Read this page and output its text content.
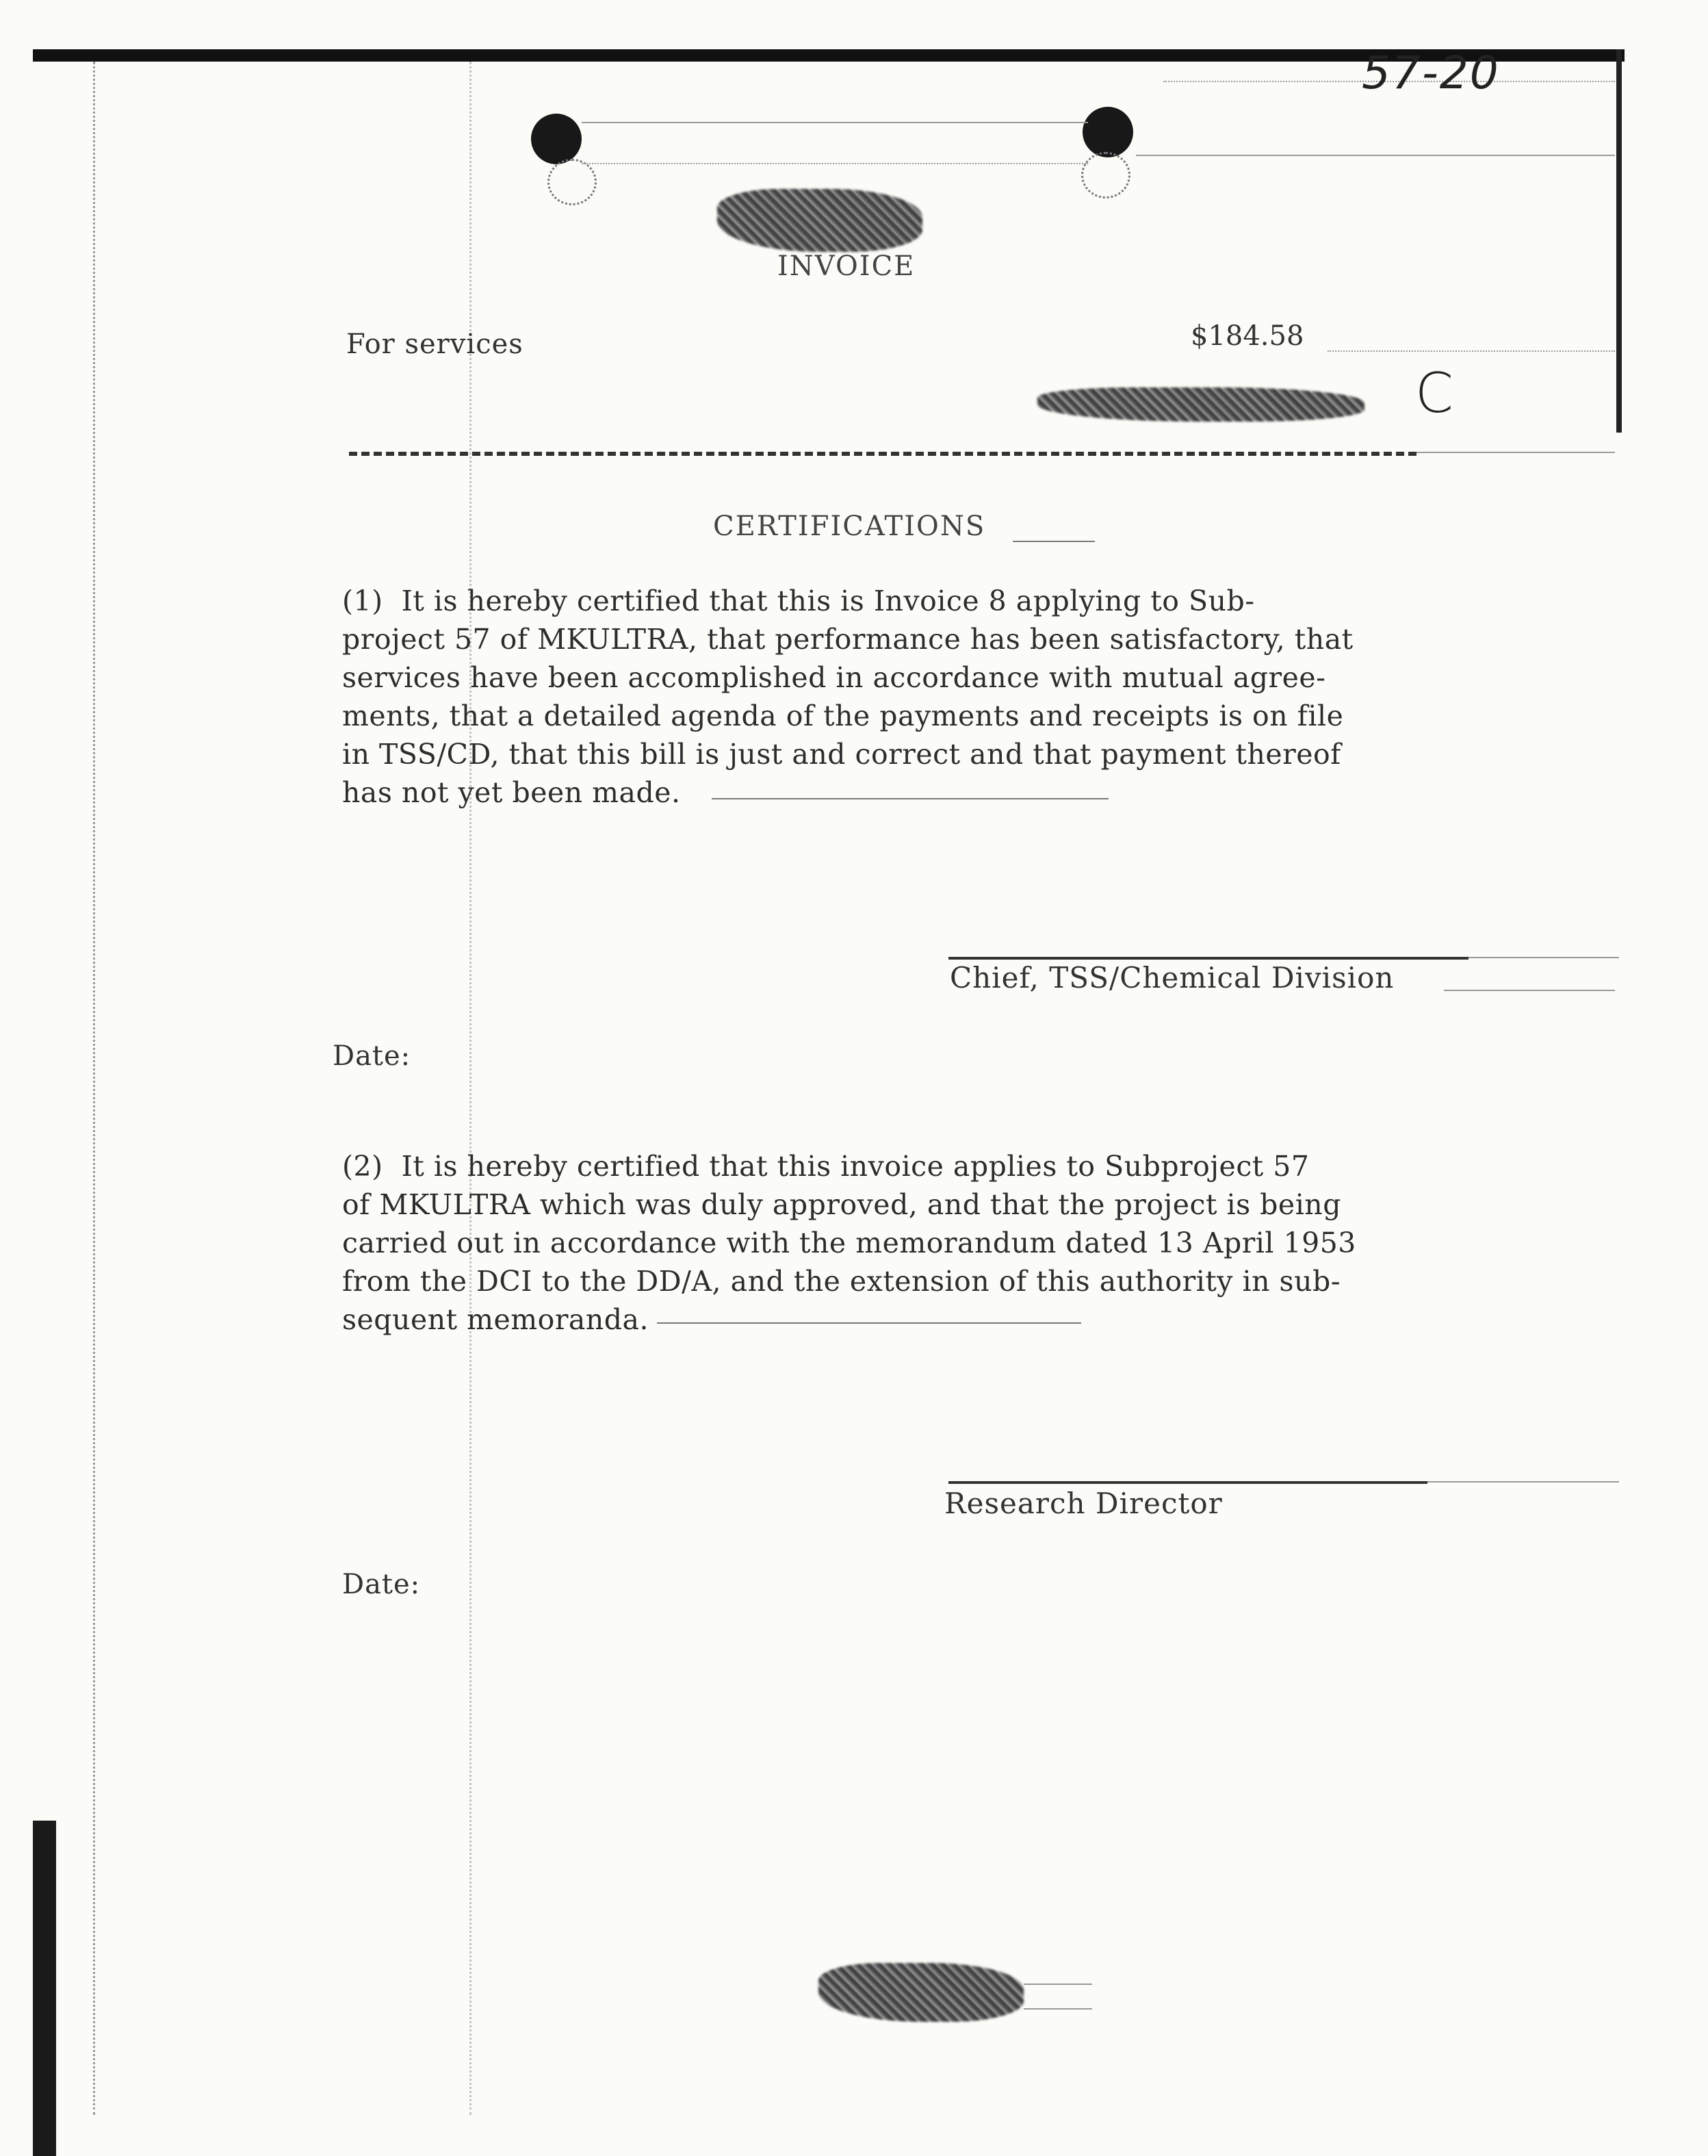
57-20
INVOICE
For services	$184.58
C
CERTIFICATIONS
(1)  It is hereby certified that this is Invoice 8 applying to Sub-
project 57 of MKULTRA, that performance has been satisfactory, that
services have been accomplished in accordance with mutual agree-
ments, that a detailed agenda of the payments and receipts is on file
in TSS/CD, that this bill is just and correct and that payment thereof
has not yet been made.
Chief, TSS/Chemical Division
Date:
(2)  It is hereby certified that this invoice applies to Subproject 57
of MKULTRA which was duly approved, and that the project is being
carried out in accordance with the memorandum dated 13 April 1953
from the DCI to the DD/A, and the extension of this authority in sub-
sequent memoranda.
Research Director
Date:
